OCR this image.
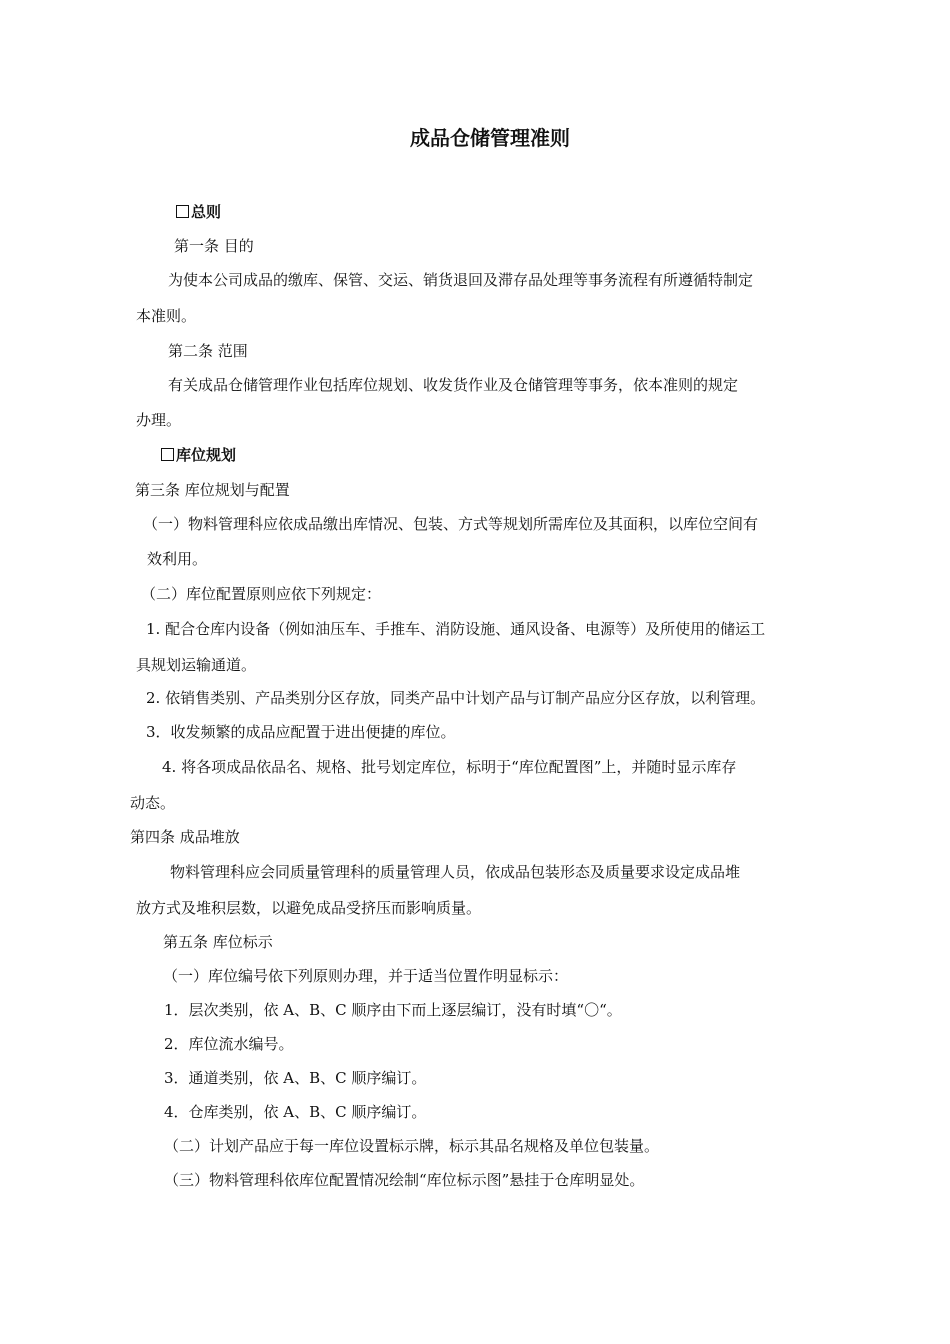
成品仓储管理准则
总则
第一条 目的
为使本公司成品的缴库、保管、交运、销货退回及滞存品处理等事务流程有所遵循特制定
本准则。
第二条 范围
有关成品仓储管理作业包括库位规划、收发货作业及仓储管理等事务，依本准则的规定
办理。
库位规划
第三条 库位规划与配置
（一）物料管理科应依成品缴出库情况、包装、方式等规划所需库位及其面积，以库位空间有
效利用。
（二）库位配置原则应依下列规定：
1. 配合仓库内设备（例如油压车、手推车、消防设施、通风设备、电源等）及所使用的储运工
具规划运输通道。
2. 依销售类别、产品类别分区存放，同类产品中计划产品与订制产品应分区存放，以利管理。
3．收发频繁的成品应配置于进出便捷的库位。
4. 将各项成品依品名、规格、批号划定库位，标明于“库位配置图”上，并随时显示库存
动态。
第四条 成品堆放
物料管理科应会同质量管理科的质量管理人员，依成品包装形态及质量要求设定成品堆
放方式及堆积层数，以避免成品受挤压而影响质量。
第五条 库位标示
（一）库位编号依下列原则办理，并于适当位置作明显标示：
1．层次类别，依 A、B、C 顺序由下而上逐层编订，没有时填“〇“。
2．库位流水编号。
3．通道类别，依 A、B、C 顺序编订。
4．仓库类别，依 A、B、C 顺序编订。
（二）计划产品应于每一库位设置标示牌，标示其品名规格及单位包装量。
（三）物料管理科依库位配置情况绘制“库位标示图”悬挂于仓库明显处。
